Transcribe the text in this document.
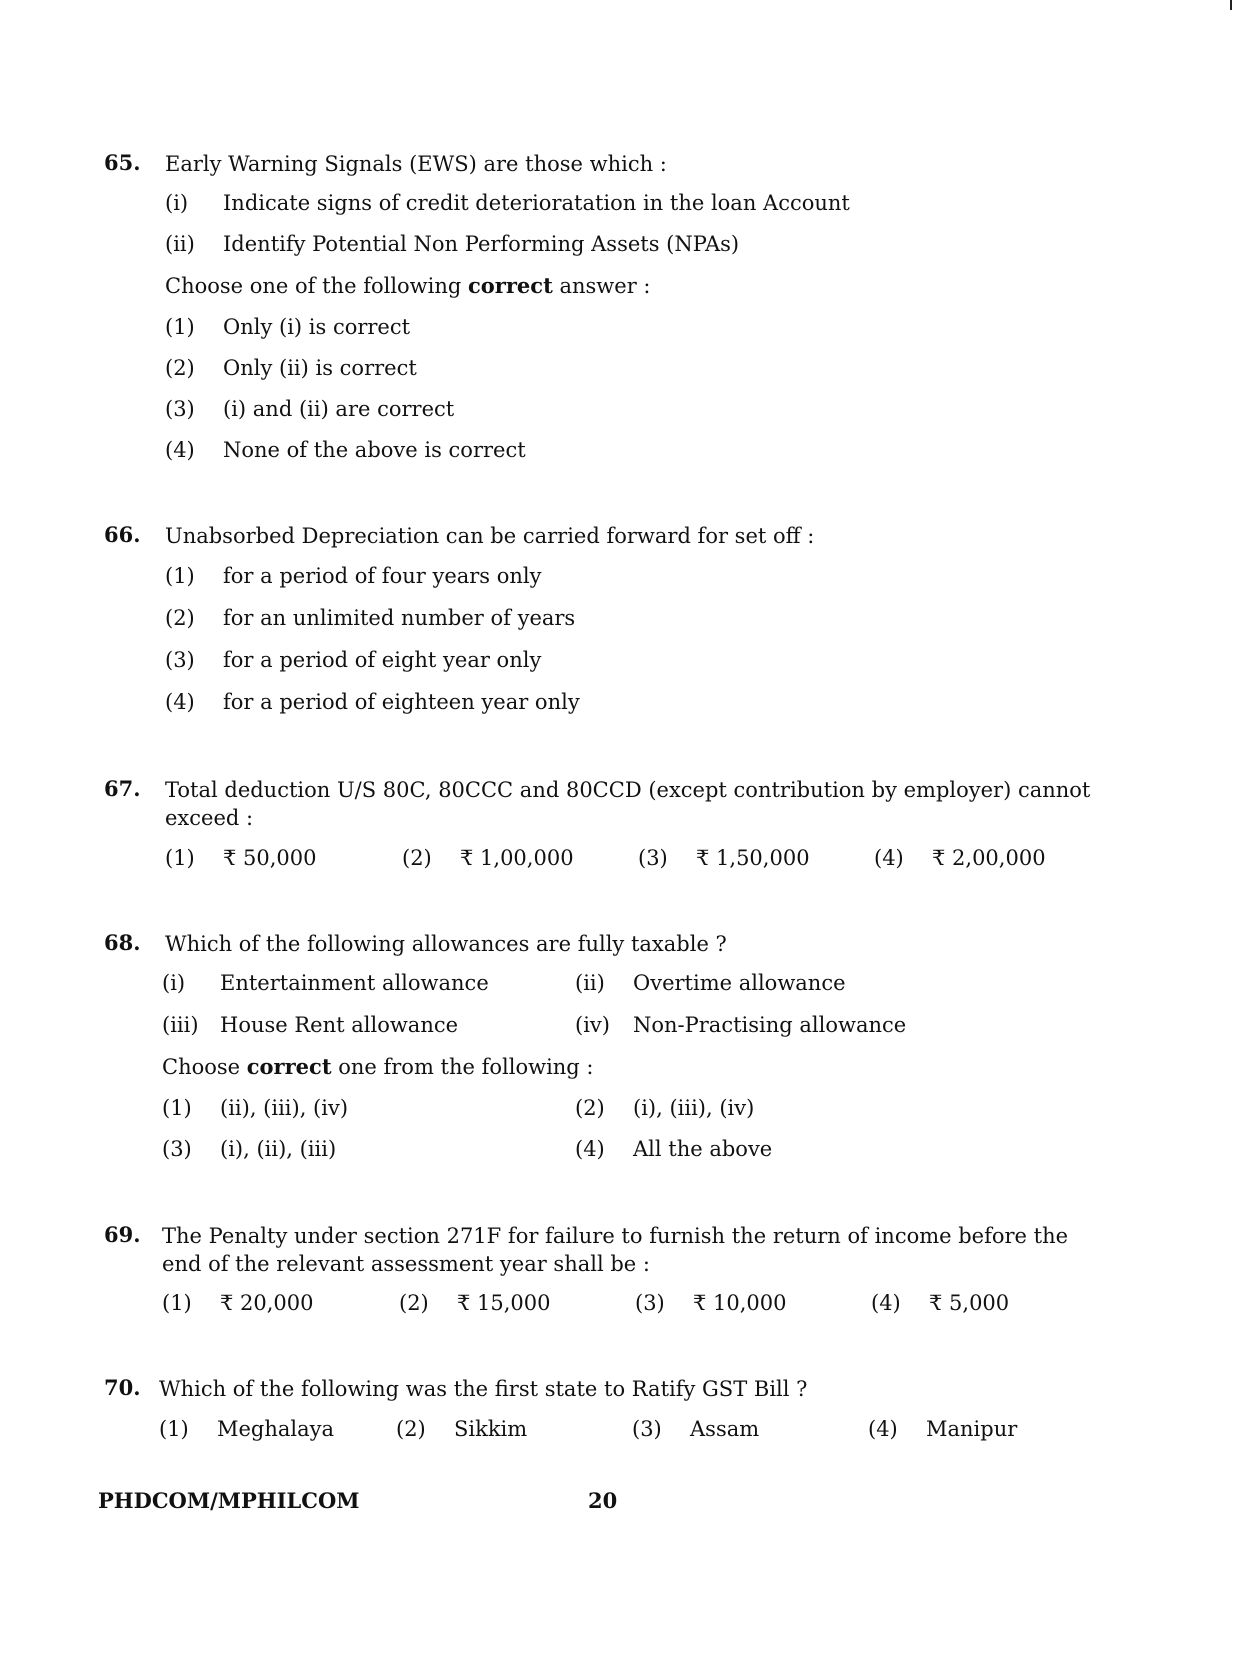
65. Early Warning Signals (EWS) are those which :
(i) Indicate signs of credit deterioratation in the loan Account
(ii) Identify Potential Non Performing Assets (NPAs)
Choose one of the following correct answer :
(1) Only (i) is correct
(2) Only (ii) is correct
(3) (i) and (ii) are correct
(4) None of the above is correct
66. Unabsorbed Depreciation can be carried forward for set off :
(1) for a period of four years only
(2) for an unlimited number of years
(3) for a period of eight year only
(4) for a period of eighteen year only
67. Total deduction U/S 80C, 80CCC and 80CCD (except contribution by employer) cannot exceed :
(1) ₹ 50,000	(2) ₹ 1,00,000	(3) ₹ 1,50,000	(4) ₹ 2,00,000
68. Which of the following allowances are fully taxable ?
(i) Entertainment allowance	(ii) Overtime allowance
(iii) House Rent allowance	(iv) Non-Practising allowance
Choose correct one from the following :
(1) (ii), (iii), (iv)	(2) (i), (iii), (iv)
(3) (i), (ii), (iii)	(4) All the above
69. The Penalty under section 271F for failure to furnish the return of income before the end of the relevant assessment year shall be :
(1) ₹ 20,000	(2) ₹ 15,000	(3) ₹ 10,000	(4) ₹ 5,000
70. Which of the following was the first state to Ratify GST Bill ?
(1) Meghalaya	(2) Sikkim	(3) Assam	(4) Manipur
PHDCOM/MPHILCOM	20
